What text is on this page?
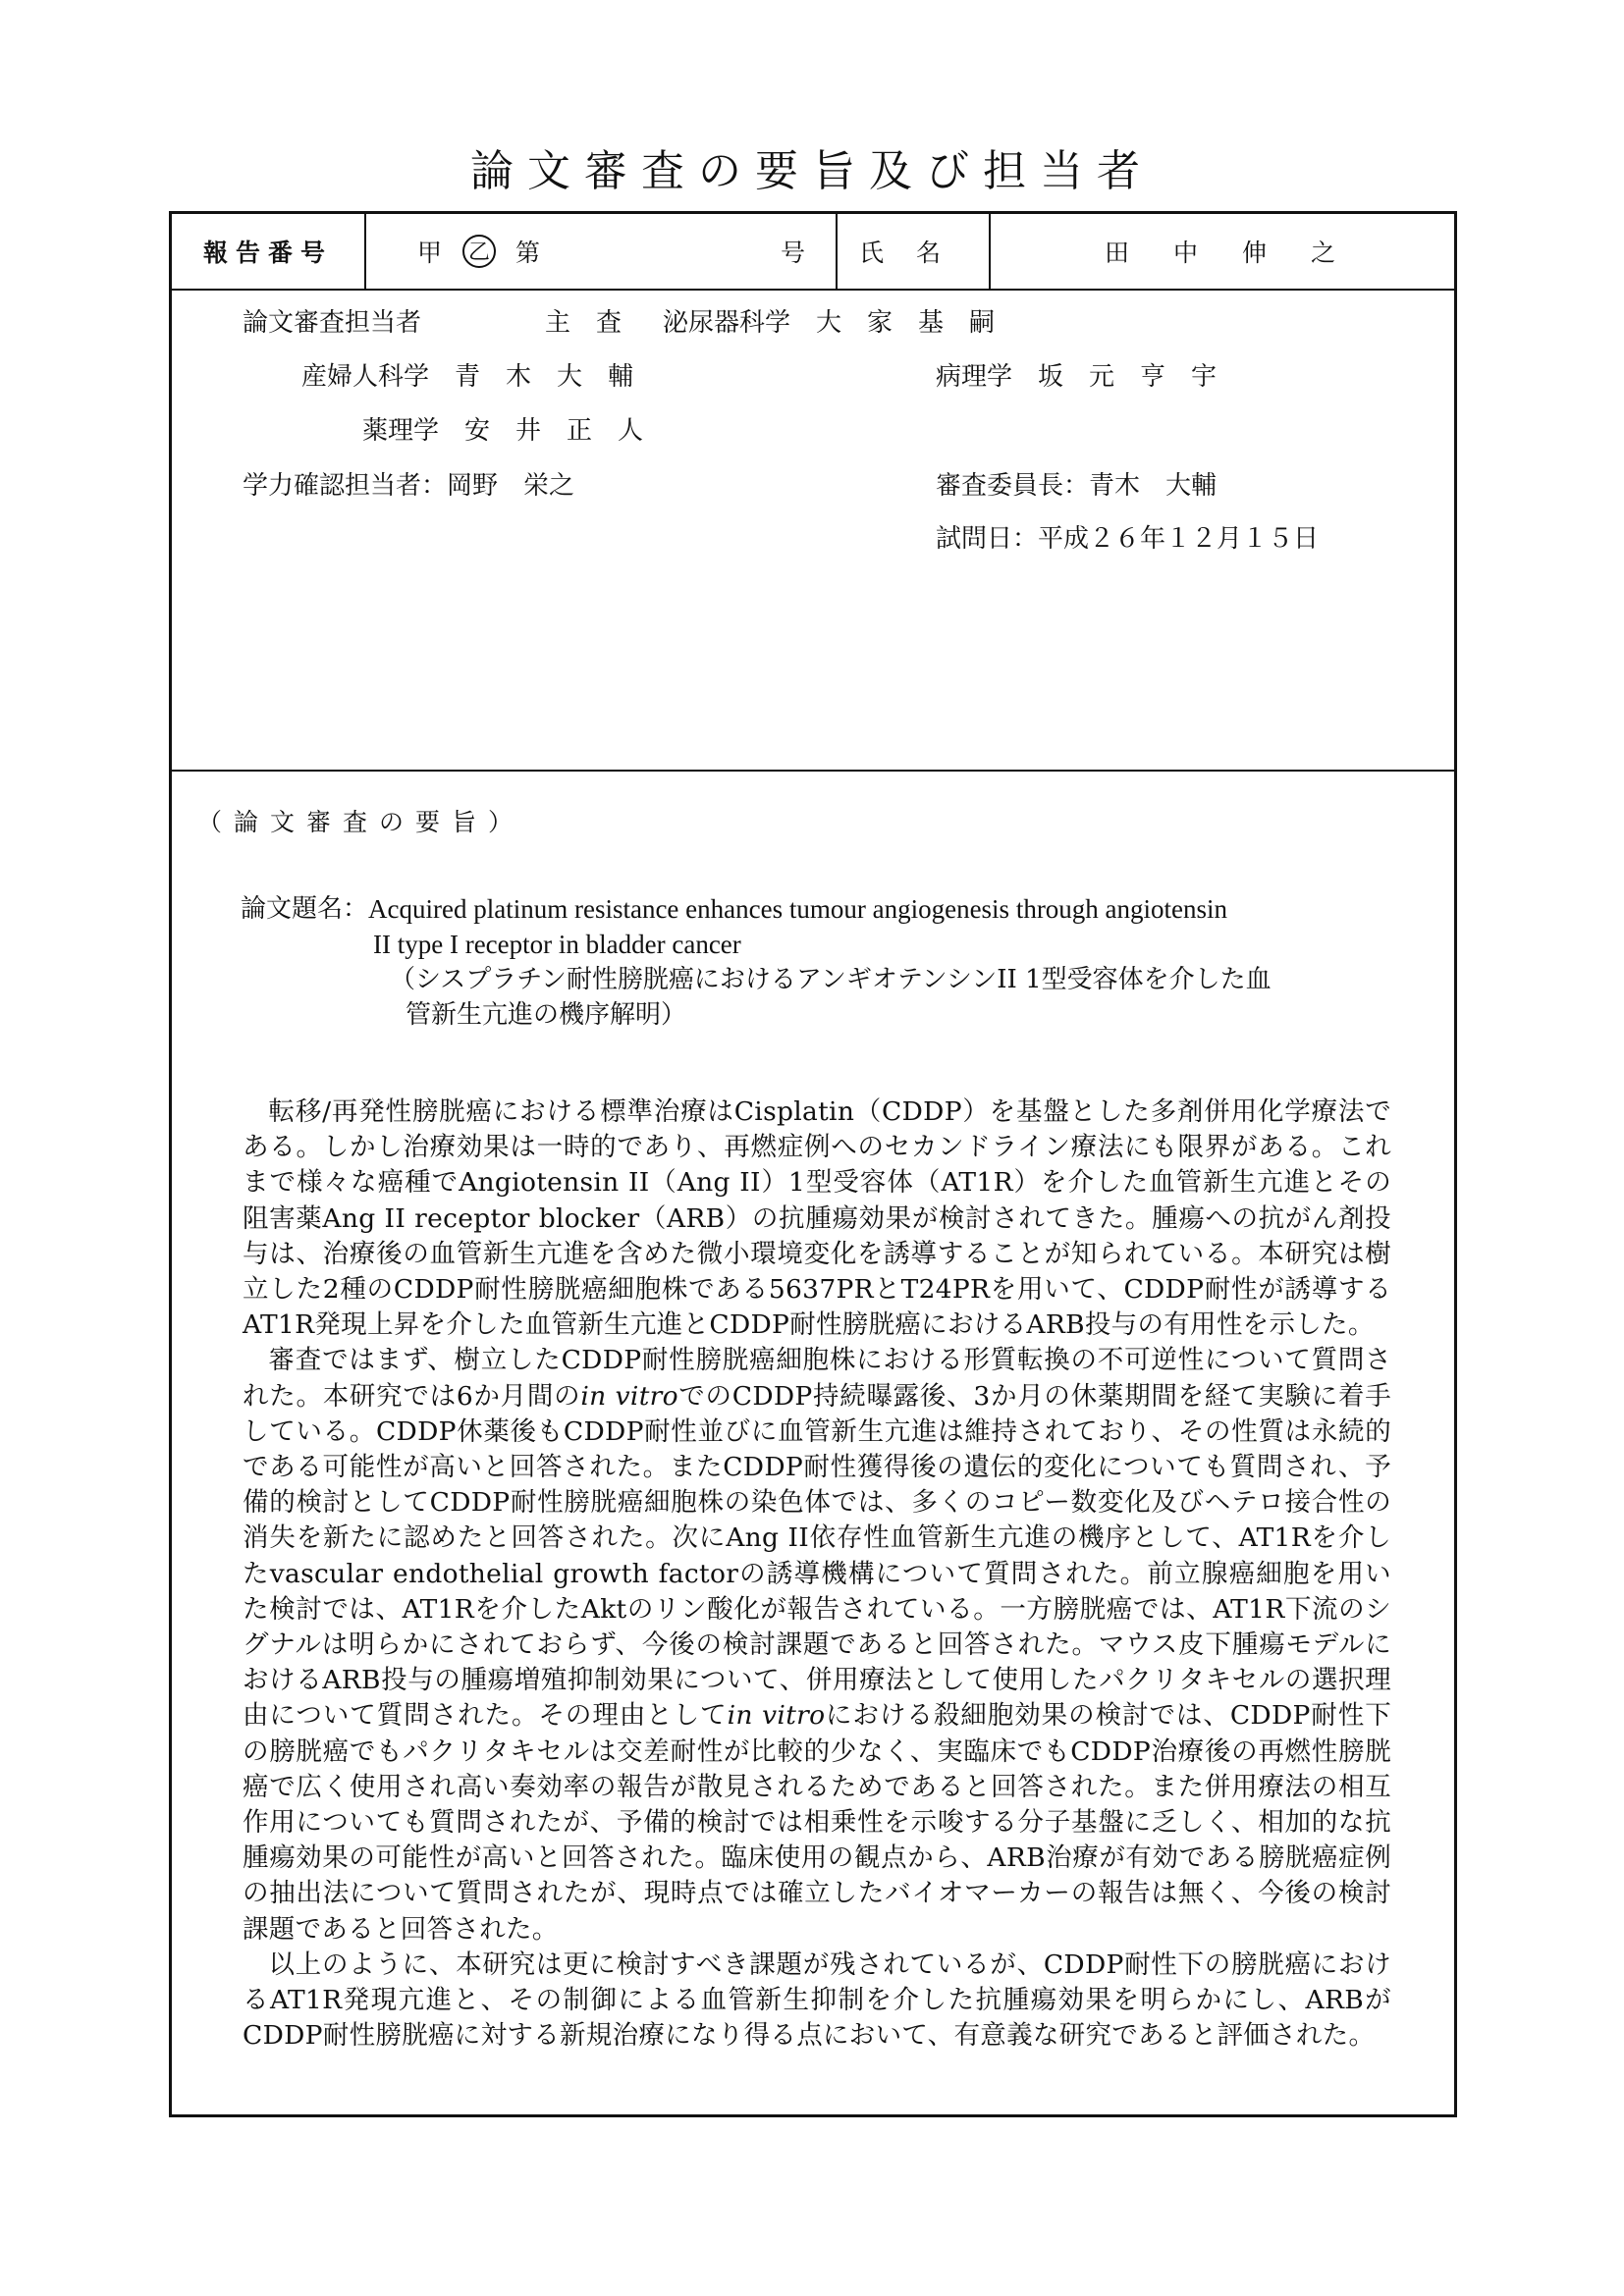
論文審査の要旨及び担当者
報告番号	甲 乙 第	号 氏　名	田　中　伸　之
論文審査担当者	主　査 泌尿器科学　大　家　基　嗣
産婦人科学　青　木　大　輔	病理学　坂　元　亨　宇
薬理学　安　井　正　人
学力確認担当者：岡野　栄之	審査委員長：青木　大輔
試問日：平成２６年１２月１５日
（論文審査の要旨）
論文題名： Acquired platinum resistance enhances tumour angiogenesis through angiotensin
II type I receptor in bladder cancer
（シスプラチン耐性膀胱癌におけるアンギオテンシンII 1型受容体を介した血
管新生亢進の機序解明）

転移/再発性膀胱癌における標準治療はCisplatin（CDDP）を基盤とした多剤併用化学療法である。しかし治療効果は一時的であり、再燃症例へのセカンドライン療法にも限界がある。これまで様々な癌種でAngiotensin II（Ang II）1型受容体（AT1R）を介した血管新生亢進とその阻害薬Ang II receptor blocker（ARB）の抗腫瘍効果が検討されてきた。腫瘍への抗がん剤投与は、治療後の血管新生亢進を含めた微小環境変化を誘導することが知られている。本研究は樹立した2種のCDDP耐性膀胱癌細胞株である5637PRとT24PRを用いて、CDDP耐性が誘導するAT1R発現上昇を介した血管新生亢進とCDDP耐性膀胱癌におけるARB投与の有用性を示した。

審査ではまず、樹立したCDDP耐性膀胱癌細胞株における形質転換の不可逆性について質問された。本研究では6か月間のin vitroでのCDDP持続曝露後、3か月の休薬期間を経て実験に着手している。CDDP休薬後もCDDP耐性並びに血管新生亢進は維持されており、その性質は永続的である可能性が高いと回答された。またCDDP耐性獲得後の遺伝的変化についても質問され、予備的検討としてCDDP耐性膀胱癌細胞株の染色体では、多くのコピー数変化及びヘテロ接合性の消失を新たに認めたと回答された。次にAng II依存性血管新生亢進の機序として、AT1Rを介したvascular endothelial growth factorの誘導機構について質問された。前立腺癌細胞を用いた検討では、AT1Rを介したAktのリン酸化が報告されている。一方膀胱癌では、AT1R下流のシグナルは明らかにされておらず、今後の検討課題であると回答された。マウス皮下腫瘍モデルにおけるARB投与の腫瘍増殖抑制効果について、併用療法として使用したパクリタキセルの選択理由について質問された。その理由としてin vitroにおける殺細胞効果の検討では、CDDP耐性下の膀胱癌でもパクリタキセルは交差耐性が比較的少なく、実臨床でもCDDP治療後の再燃性膀胱癌で広く使用され高い奏効率の報告が散見されるためであると回答された。また併用療法の相互作用についても質問されたが、予備的検討では相乗性を示唆する分子基盤に乏しく、相加的な抗腫瘍効果の可能性が高いと回答された。臨床使用の観点から、ARB治療が有効である膀胱癌症例の抽出法について質問されたが、現時点では確立したバイオマーカーの報告は無く、今後の検討課題であると回答された。

以上のように、本研究は更に検討すべき課題が残されているが、CDDP耐性下の膀胱癌におけるAT1R発現亢進と、その制御による血管新生抑制を介した抗腫瘍効果を明らかにし、ARBがCDDP耐性膀胱癌に対する新規治療になり得る点において、有意義な研究であると評価された。
